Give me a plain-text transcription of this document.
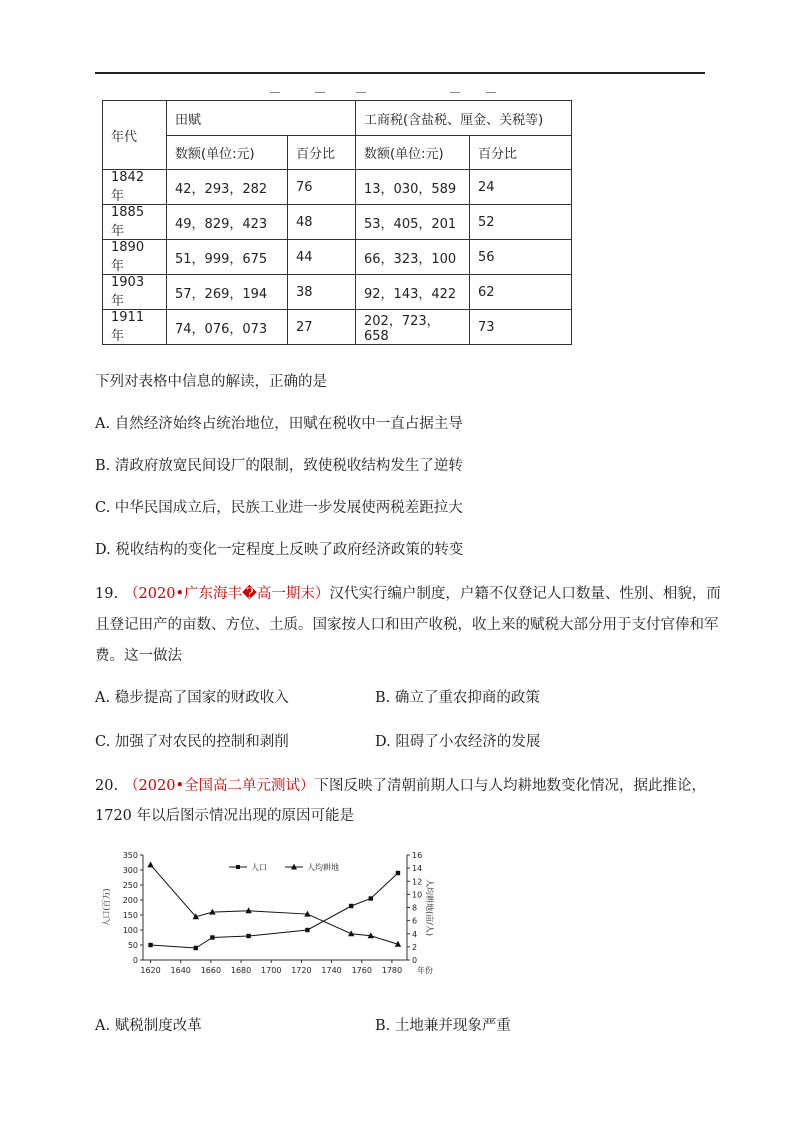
年代	田赋		工商税(含盐税、厘金、关税等)	
	数额(单位:元)	百分比	数额(单位:元)	百分比
1842 年	42，293，282	76	13，030，589	24
1885 年	49，829，423	48	53，405，201	52
1890 年	51，999，675	44	66，323，100	56
1903 年	57，269，194	38	92，143，422	62
1911 年	74，076，073	27	202，723，658	73
下列对表格中信息的解读，正确的是
A. 自然经济始终占统治地位，田赋在税收中一直占据主导
B. 清政府放宽民间设厂的限制，致使税收结构发生了逆转
C. 中华民国成立后，民族工业进一步发展使两税差距拉大
D. 税收结构的变化一定程度上反映了政府经济政策的转变
19. （2020•广东海丰�高一期末）汉代实行编户制度，户籍不仅登记人口数量、性别、相貌，而
且登记田产的亩数、方位、土质。国家按人口和田产收税，收上来的赋税大部分用于支付官俸和军
费。这一做法
A. 稳步提高了国家的财政收入	B. 确立了重农抑商的政策
C. 加强了对农民的控制和剥削	D. 阻碍了小农经济的发展
20. （2020•全国高二单元测试）下图反映了清朝前期人口与人均耕地数变化情况，据此推论，
1720 年以后图示情况出现的原因可能是
0
50
100
150
200
250
300
350
0
2
4
6
8
10
12
14
16
1620 1640 1660 1680 1700 1720 1740 1760 1780 年份
人口(百万)	人均耕地(亩/人)
人口	人均耕地
A. 赋税制度改革	B. 土地兼并现象严重
